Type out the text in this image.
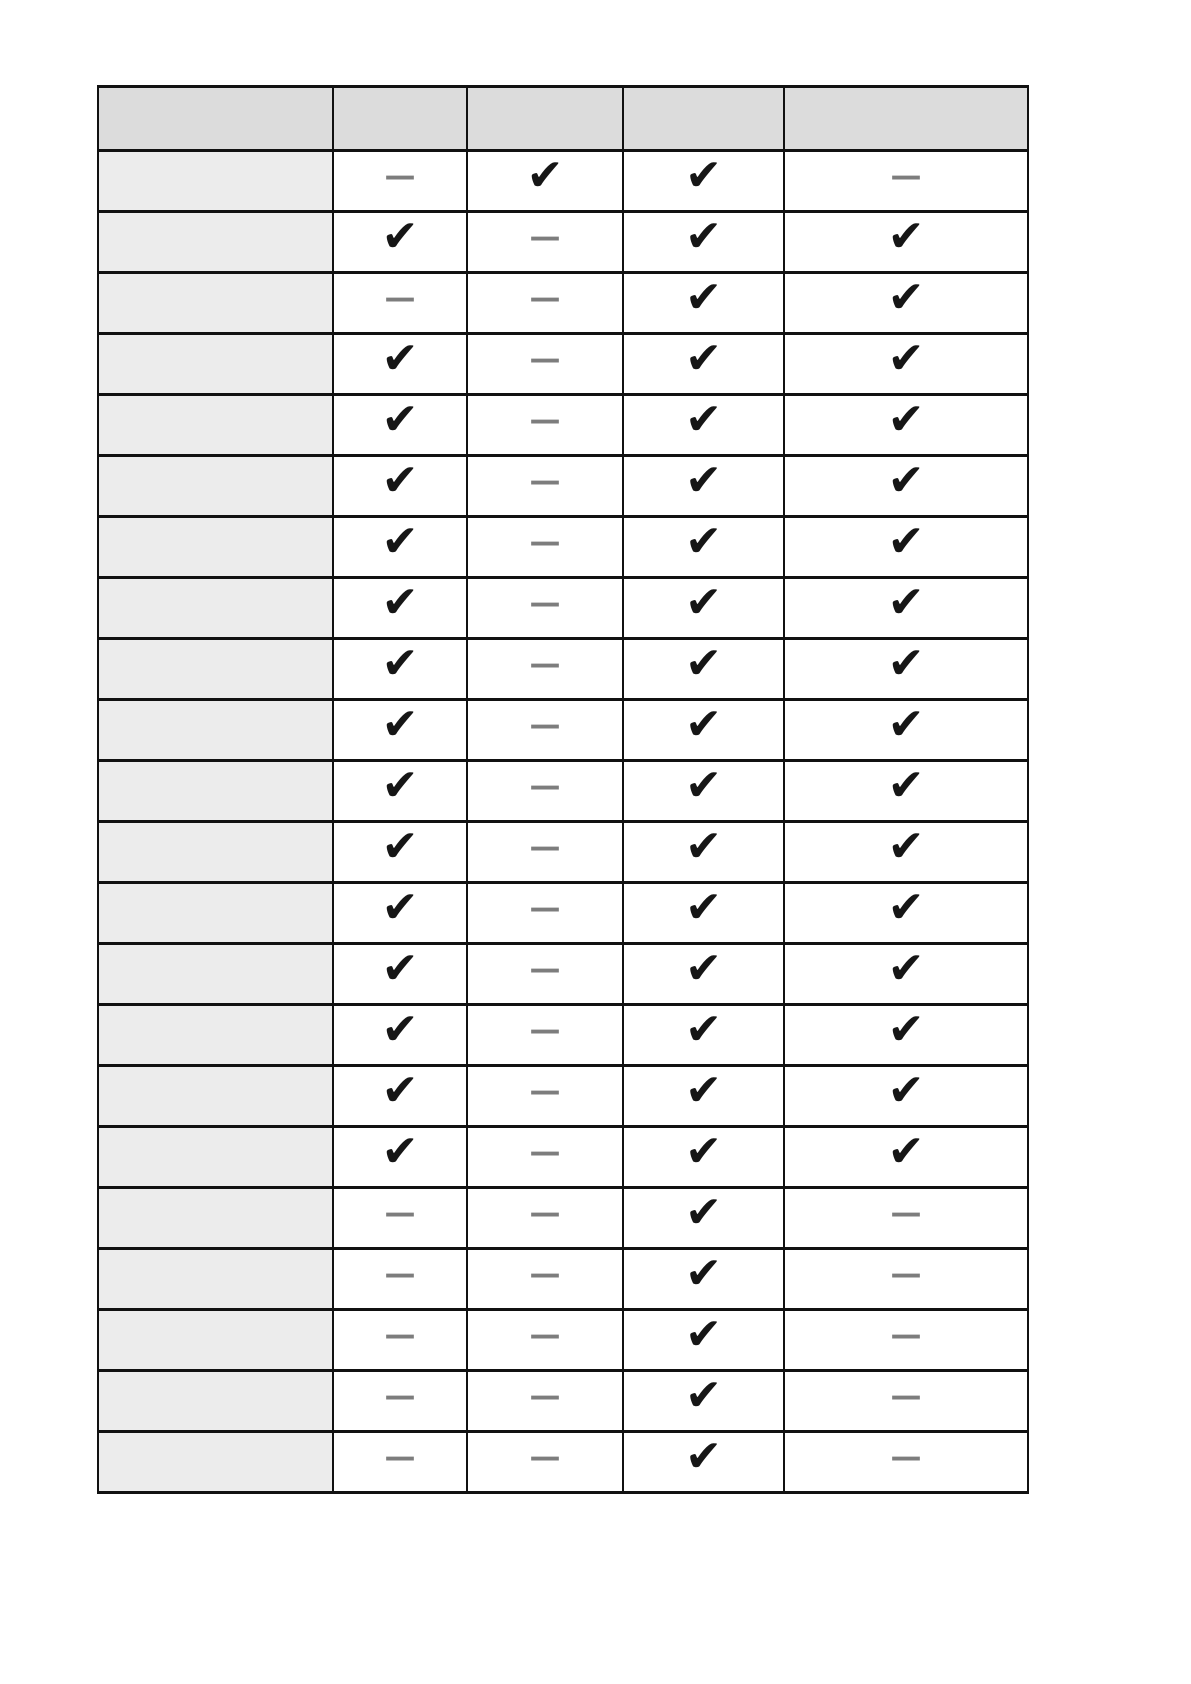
	—	✔	✔	—
	✔	—	✔	✔
	—	—	✔	✔
	✔	—	✔	✔
	✔	—	✔	✔
	✔	—	✔	✔
	✔	—	✔	✔
	✔	—	✔	✔
	✔	—	✔	✔
	✔	—	✔	✔
	✔	—	✔	✔
	✔	—	✔	✔
	✔	—	✔	✔
	✔	—	✔	✔
	✔	—	✔	✔
	✔	—	✔	✔
	✔	—	✔	✔
	—	—	✔	—
	—	—	✔	—
	—	—	✔	—
	—	—	✔	—
	—	—	✔	—
